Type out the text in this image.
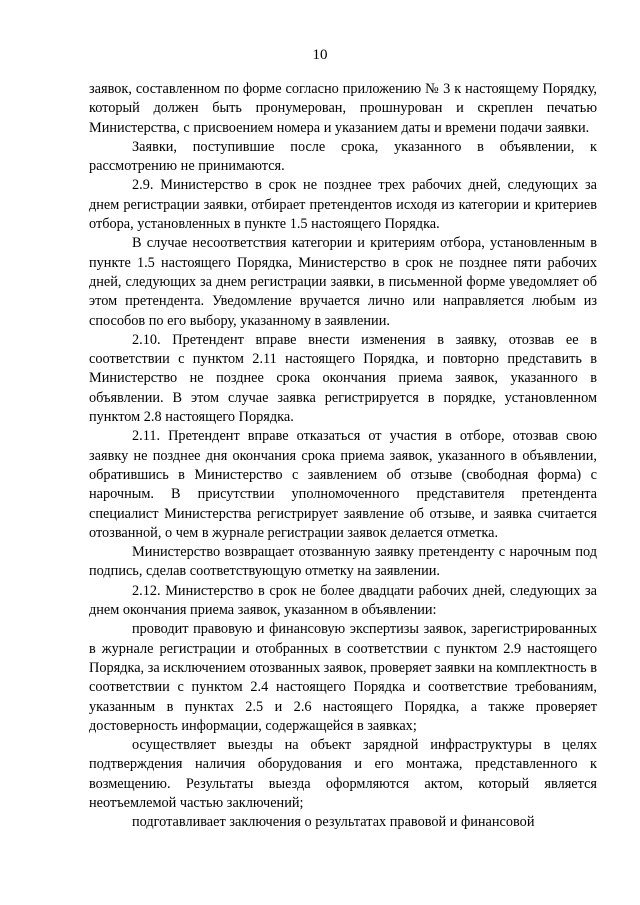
10

заявок, составленном по форме согласно приложению № 3 к настоящему Порядку, который должен быть пронумерован, прошнурован и скреплен печатью Министерства, с присвоением номера и указанием даты и времени подачи заявки.

Заявки, поступившие после срока, указанного в объявлении, к рассмотрению не принимаются.

2.9. Министерство в срок не позднее трех рабочих дней, следующих за днем регистрации заявки, отбирает претендентов исходя из категории и критериев отбора, установленных в пункте 1.5 настоящего Порядка.

В случае несоответствия категории и критериям отбора, установленным в пункте 1.5 настоящего Порядка, Министерство в срок не позднее пяти рабочих дней, следующих за днем регистрации заявки, в письменной форме уведомляет об этом претендента. Уведомление вручается лично или направляется любым из способов по его выбору, указанному в заявлении.

2.10. Претендент вправе внести изменения в заявку, отозвав ее в соответствии с пунктом 2.11 настоящего Порядка, и повторно представить в Министерство не позднее срока окончания приема заявок, указанного в объявлении. В этом случае заявка регистрируется в порядке, установленном пунктом 2.8 настоящего Порядка.

2.11. Претендент вправе отказаться от участия в отборе, отозвав свою заявку не позднее дня окончания срока приема заявок, указанного в объявлении, обратившись в Министерство с заявлением об отзыве (свободная форма) с нарочным. В присутствии уполномоченного представителя претендента специалист Министерства регистрирует заявление об отзыве, и заявка считается отозванной, о чем в журнале регистрации заявок делается отметка.

Министерство возвращает отозванную заявку претенденту с нарочным под подпись, сделав соответствующую отметку на заявлении.

2.12. Министерство в срок не более двадцати рабочих дней, следующих за днем окончания приема заявок, указанном в объявлении:

проводит правовую и финансовую экспертизы заявок, зарегистрированных в журнале регистрации и отобранных в соответствии с пунктом 2.9 настоящего Порядка, за исключением отозванных заявок, проверяет заявки на комплектность в соответствии с пунктом 2.4 настоящего Порядка и соответствие требованиям, указанным в пунктах 2.5 и 2.6 настоящего Порядка, а также проверяет достоверность информации, содержащейся в заявках;

осуществляет выезды на объект зарядной инфраструктуры в целях подтверждения наличия оборудования и его монтажа, представленного к возмещению. Результаты выезда оформляются актом, который является неотъемлемой частью заключений;

подготавливает заключения о результатах правовой и финансовой
